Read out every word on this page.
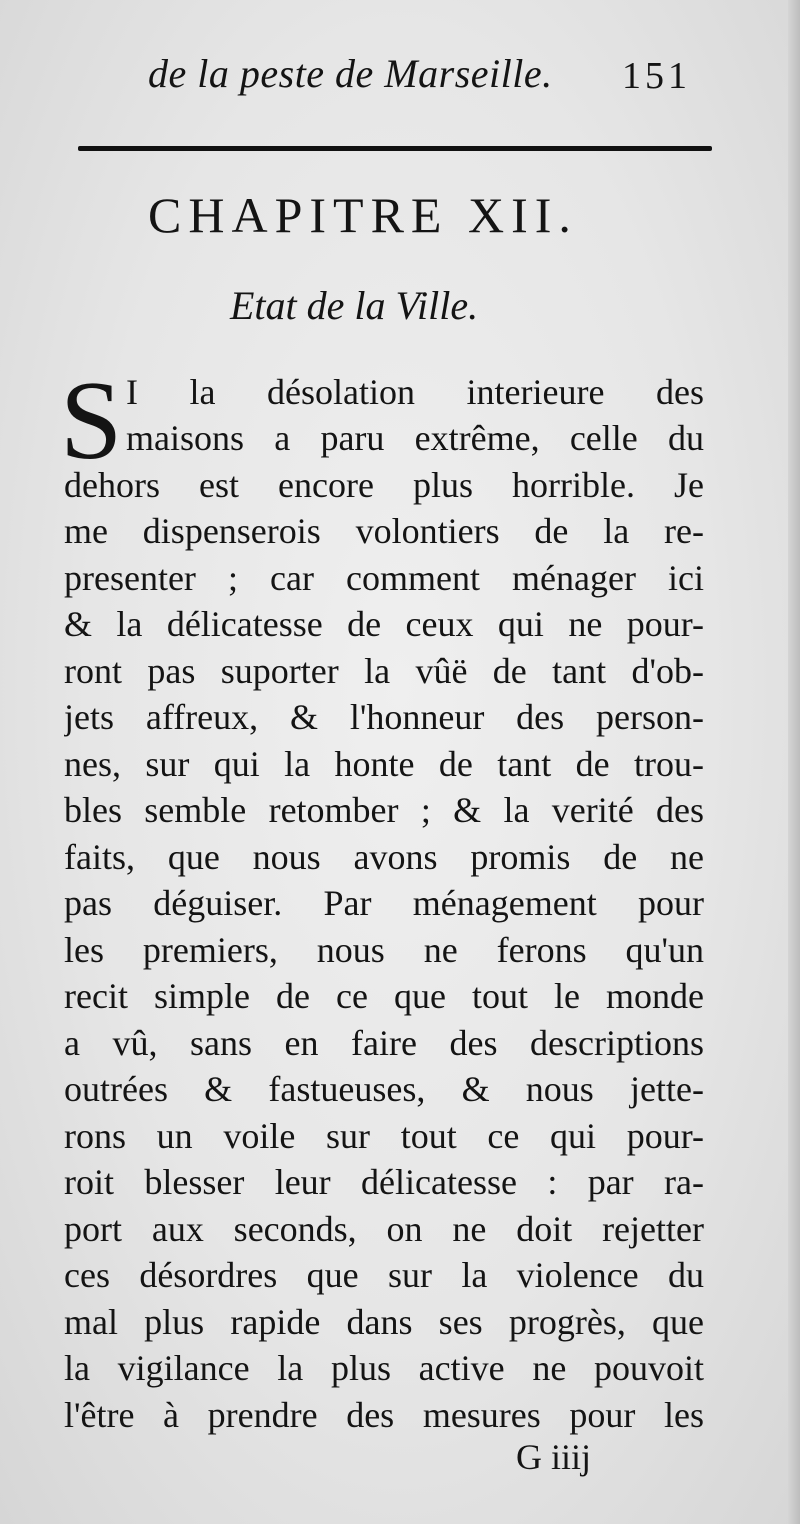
de la peste de Marseille. 151
CHAPITRE XII.
Etat de la Ville.
S I la désolation interieure des
maisons a paru extrême, celle du
dehors est encore plus horrible. Je
me dispenserois volontiers de la re-
presenter ; car comment ménager ici
& la délicatesse de ceux qui ne pour-
ront pas suporter la vûë de tant d'ob-
jets affreux, & l'honneur des person-
nes, sur qui la honte de tant de trou-
bles semble retomber ; & la verité des
faits, que nous avons promis de ne
pas déguiser. Par ménagement pour
les premiers, nous ne ferons qu'un
recit simple de ce que tout le monde
a vû, sans en faire des descriptions
outrées & fastueuses, & nous jette-
rons un voile sur tout ce qui pour-
roit blesser leur délicatesse : par ra-
port aux seconds, on ne doit rejetter
ces désordres que sur la violence du
mal plus rapide dans ses progrès, que
la vigilance la plus active ne pouvoit
l'être à prendre des mesures pour les
G iiij
